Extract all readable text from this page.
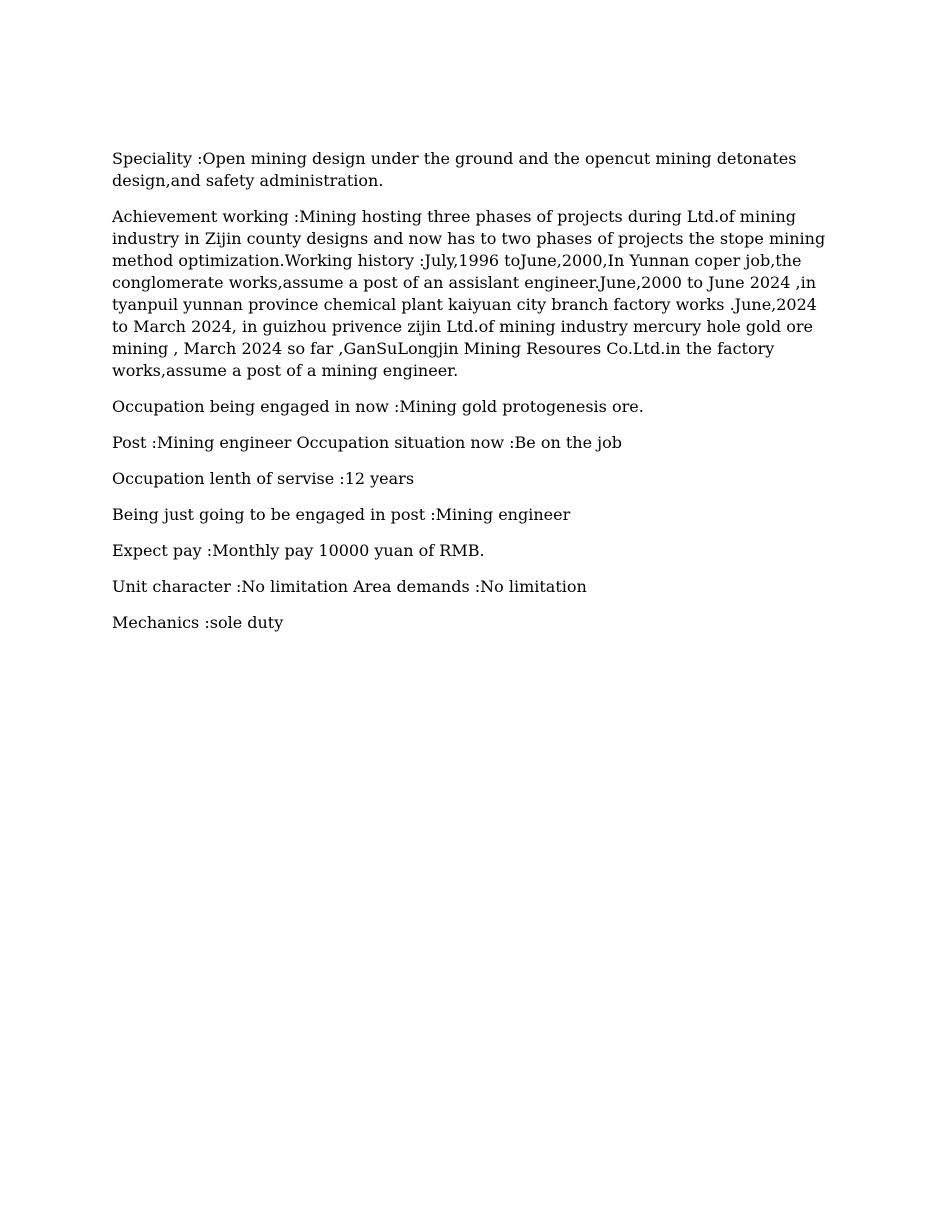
Speciality :Open mining design under the ground and the opencut mining detonates design,and safety administration.

Achievement working :Mining hosting three phases of projects during Ltd.of mining industry in Zijin county designs and now has to two phases of projects the stope mining method optimization.Working history :July,1996 toJune,2000,In Yunnan coper job,the conglomerate works,assume a post of an assislant engineer.June,2000 to June 2024 ,in tyanpuil yunnan province chemical plant kaiyuan city branch factory works .June,2024 to March 2024, in guizhou privence zijin Ltd.of mining industry mercury hole gold ore mining , March 2024 so far ,GanSuLongjin Mining Resoures Co.Ltd.in the factory works,assume a post of a mining engineer.

Occupation being engaged in now :Mining gold protogenesis ore.

Post :Mining engineer Occupation situation now :Be on the job

Occupation lenth of servise :12 years

Being just going to be engaged in post :Mining engineer

Expect pay :Monthly pay 10000 yuan of RMB.

Unit character :No limitation Area demands :No limitation

Mechanics :sole duty
